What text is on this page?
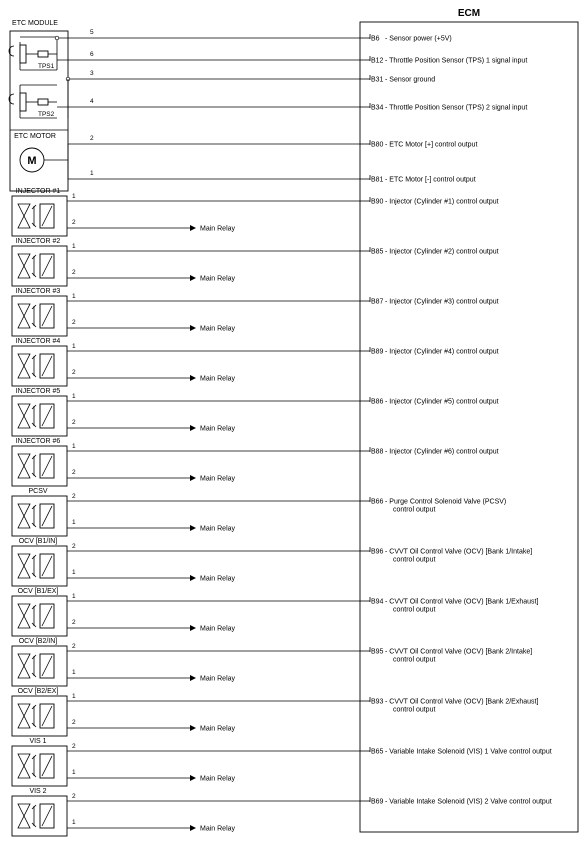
ECM
ETC MODULE
TPS1
TPS2
ETC MOTOR
M
5
6
3
4
2
1
1
2
Main Relay
1
2
Main Relay
1
2
Main Relay
1
2
Main Relay
1
2
Main Relay
1
2
Main Relay
2
1
Main Relay
2
1
Main Relay
1
2
Main Relay
2
1
Main Relay
1
2
Main Relay
2
1
Main Relay
2
1
Main Relay
INJECTOR #1
INJECTOR #2
INJECTOR #3
INJECTOR #4
INJECTOR #5
INJECTOR #6
PCSV
OCV [B1/IN]
OCV [B1/EX]
OCV [B2/IN]
OCV [B2/EX]
VIS 1
VIS 2
B6 - Sensor power (+5V)
B12 - Throttle Position Sensor (TPS) 1 signal input
B31 - Sensor ground
B34 - Throttle Position Sensor (TPS) 2 signal input
B80 - ETC Motor [+] control output
B81 - ETC Motor [-] control output
B90 - Injector (Cylinder #1) control output
B85 - Injector (Cylinder #2) control output
B87 - Injector (Cylinder #3) control output
B89 - Injector (Cylinder #4) control output
B86 - Injector (Cylinder #5) control output
B88 - Injector (Cylinder #6) control output
B66 - Purge Control Solenoid Valve (PCSV)
control output
B96 - CVVT Oil Control Valve (OCV) [Bank 1/Intake]
control output
B94 - CVVT Oil Control Valve (OCV) [Bank 1/Exhaust]
control output
B95 - CVVT Oil Control Valve (OCV) [Bank 2/Intake]
control output
B93 - CVVT Oil Control Valve (OCV) [Bank 2/Exhaust]
control output
B65 - Variable Intake Solenoid (VIS) 1 Valve control output
B69 - Variable Intake Solenoid (VIS) 2 Valve control output
